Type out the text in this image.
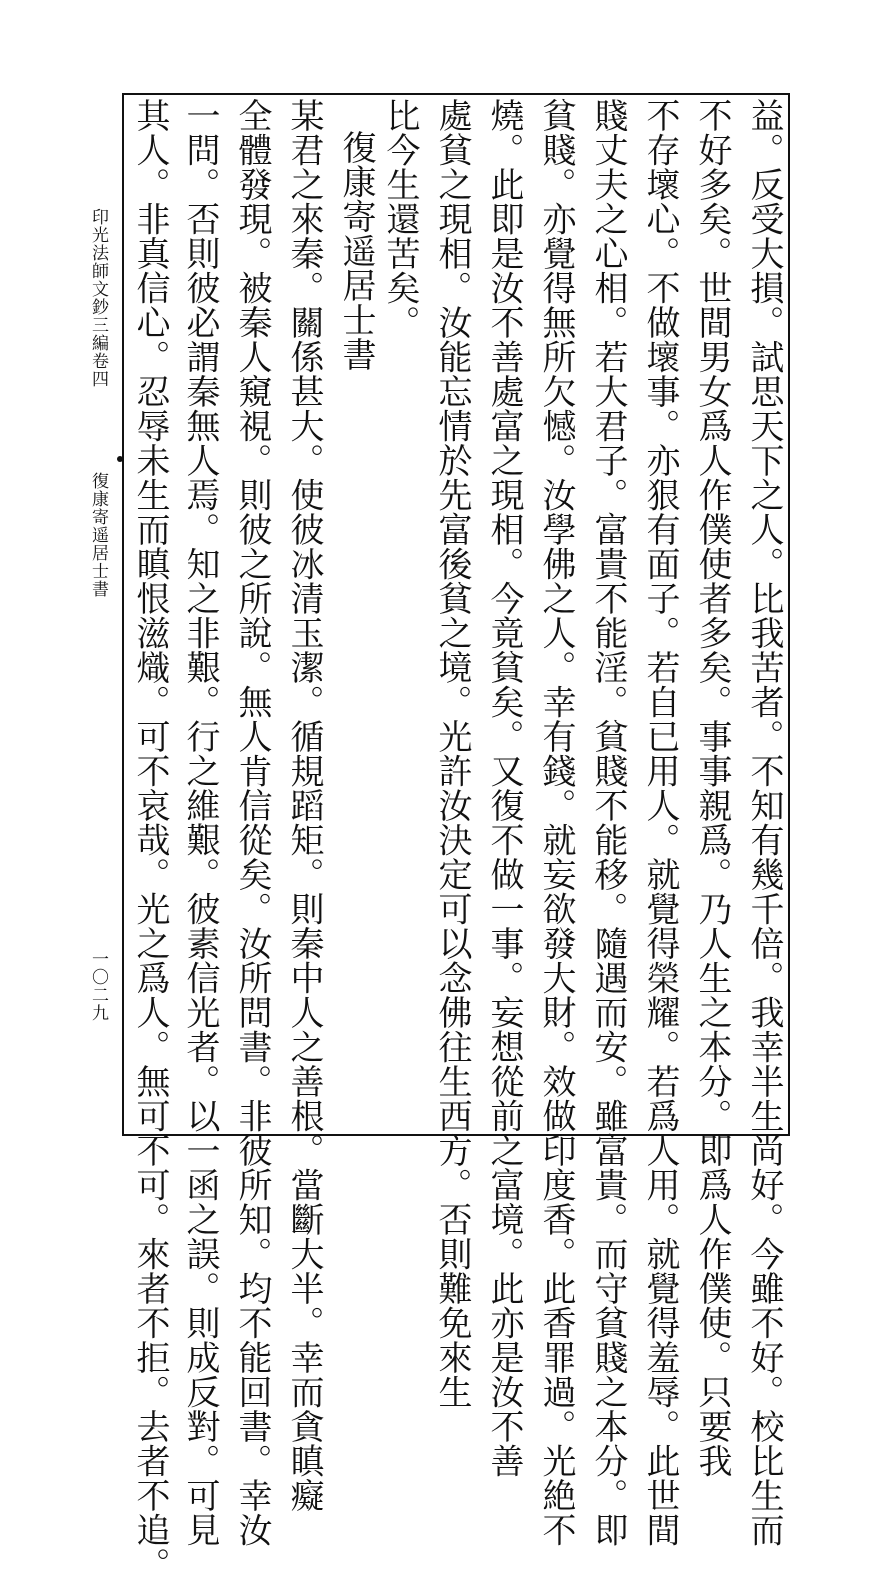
印光法師文鈔三編卷四
復康寄遥居士書
一〇二九	益。反受大損。試思天下之人。比我苦者。不知有幾千倍。我幸半生尚好。今雖不好。校比生而
不好多矣。世間男女爲人作僕使者多矣。事事親爲。乃人生之本分。即爲人作僕使。只要我
不存壞心。不做壞事。亦狠有面子。若自已用人。就覺得榮耀。若爲人用。就覺得羞辱。此世間
賤丈夫之心相。若大君子。富貴不能淫。貧賤不能移。隨遇而安。雖富貴。而守貧賤之本分。即
貧賤。亦覺得無所欠憾。汝學佛之人。幸有錢。就妄欲發大財。效做印度香。此香罪過。光絶不
燒。此即是汝不善處富之現相。今竟貧矣。又復不做一事。妄想從前之富境。此亦是汝不善
處貧之現相。汝能忘情於先富後貧之境。光許汝決定可以念佛往生西方。否則難免來生
比今生還苦矣。
復康寄遥居士書
某君之來秦。關係甚大。使彼冰清玉潔。循規蹈矩。則秦中人之善根。當斷大半。幸而貪瞋癡
全體發現。被秦人窺視。則彼之所說。無人肯信從矣。汝所問書。非彼所知。均不能回書。幸汝
一問。否則彼必謂秦無人焉。知之非艱。行之維艱。彼素信光者。以一函之誤。則成反對。可見
其人。非真信心。忍辱未生而瞋恨滋熾。可不哀哉。光之爲人。無可不可。來者不拒。去者不追。
